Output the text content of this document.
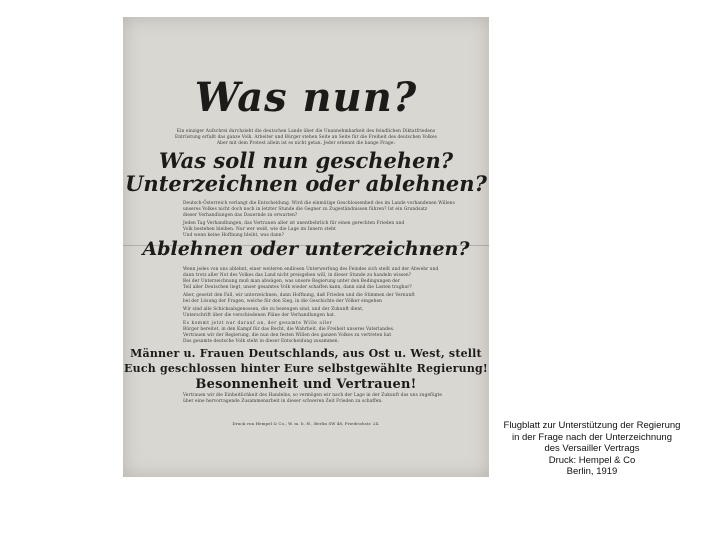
Was nun?
Ein einziger Aufschrei durchzieht die deutschen Lande über die Unannehmbarkeit des feindlichen Diktatfriedens
Entrüstung erfaßt das ganze Volk. Arbeiter und Bürger stehen Seite an Seite für die Freiheit des deutschen Volkes
Aber mit dem Protest allein ist es nicht getan. Jeder erkennt die bange Frage:
Was soll nun geschehen?
Unterzeichnen oder ablehnen?
Deutsch-Österreich verlangt die Entscheidung. Wird die einmütige Geschlossenheit des im Lande vorhandenen Willens
unseres Volkes nicht doch noch in letzter Stunde die Gegner zu Zugeständnissen führen? Ist ein Grundsatz
dieser Verhandlungen das Dauernde zu erwarten?
Jeden Tag Verhandlungen, das Vertrauen aller ist unentbehrlich für einen gerechten Frieden und
Volk bestehen bleiben. Nur wer weiß, wie die Lage im Innern steht
Und wenn keine Hoffnung bleibt, was dann?
Ablehnen oder unterzeichnen?
Wenn jedes von uns ablehnt, einer weiteren endlosen Unterwerfung des Feindes sich stellt und der Abwehr und
dann trotz aller Not des Volkes das Land nicht preisgeben will, in dieser Stunde zu handeln wissen?
Bei der Unterzeichnung muß man abwägen, was unsere Regierung unter den Bedingungen der
Teil aller Deutschen liegt, unser gesamtes Volk wieder schaffen kann, dann sind die Lasten tragbar?
Aber, gesetzt den Fall, wir unterzeichnen, dann Hoffnung, daß Frieden und die Stimmen der Vernunft
bei der Lösung der Fragen, welche für den Sieg, in die Geschichte der Völker eingehen
Wir sind alle Schicksalsgenossen, die zu bezeugen sind, und der Zukunft dient,
Unterschrift über die verschiedenen Pläne der Verhandlungen hat.
Es kommt jetzt nur darauf an, der gesamte Wille aller
Bürger bereitet, in den Kampf für das Recht, die Wahrheit, die Freiheit unseres Vaterlandes.
Vertrauen wir der Regierung, die nun den festen Willen des ganzen Volkes zu vertreten hat
Das gesamte deutsche Volk steht in dieser Entscheidung zusammen.
Männer u. Frauen Deutschlands, aus Ost u. West, stellt
Euch geschlossen hinter Eure selbstgewählte Regierung!
Besonnenheit und Vertrauen!
Vertrauen wir die Einheitlichkeit des Handelns, so vermögen wir nach der Lage in der Zukunft das uns zugefügte
über eine hervorragende Zusammenarbeit in dieser schweren Zeit Frieden zu schaffen.
Druck von Hempel & Co., W. m. b. H., Berlin SW 48, Friedrichstr. 24.	Flugblatt zur Unterstützung der Regierung
in der Frage nach der Unterzeichnung
des Versailler Vertrags
Druck: Hempel & Co
Berlin, 1919
